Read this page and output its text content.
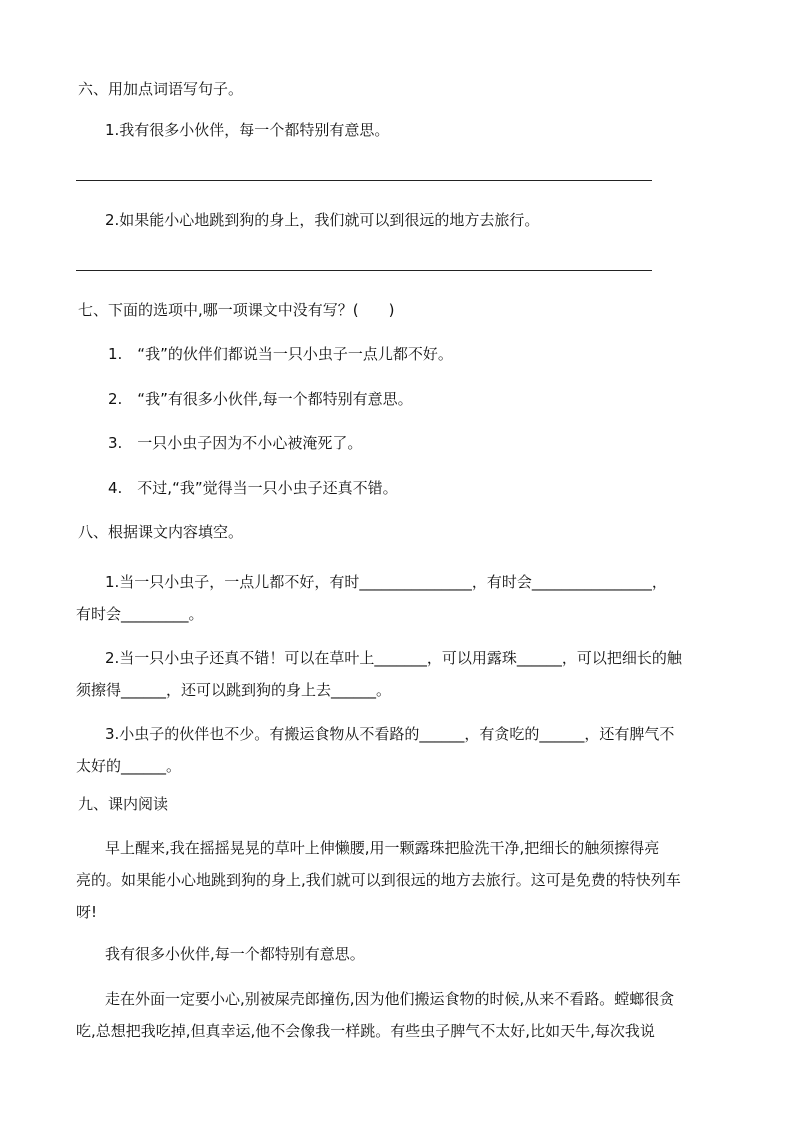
六、用加点词语写句子。
1.我有很多小伙伴，每一个都特别有意思。
2.如果能小心地跳到狗的身上，我们就可以到很远的地方去旅行。
七、下面的选项中,哪一项课文中没有写？(　　)
1.　“我”的伙伴们都说当一只小虫子一点儿都不好。
2.　“我”有很多小伙伴,每一个都特别有意思。
3.　一只小虫子因为不小心被淹死了。
4.　不过,“我”觉得当一只小虫子还真不错。
八、根据课文内容填空。
1.当一只小虫子，一点儿都不好，有时_______________，有时会________________，
有时会_________。
2.当一只小虫子还真不错！可以在草叶上_______，可以用露珠______，可以把细长的触
须擦得______，还可以跳到狗的身上去______。
3.小虫子的伙伴也不少。有搬运食物从不看路的______，有贪吃的______，还有脾气不
太好的______。
九、课内阅读
早上醒来,我在摇摇晃晃的草叶上伸懒腰,用一颗露珠把脸洗干净,把细长的触须擦得亮
亮的。如果能小心地跳到狗的身上,我们就可以到很远的地方去旅行。这可是免费的特快列车
呀!
我有很多小伙伴,每一个都特别有意思。
走在外面一定要小心,别被屎壳郎撞伤,因为他们搬运食物的时候,从来不看路。螳螂很贪
吃,总想把我吃掉,但真幸运,他不会像我一样跳。有些虫子脾气不太好,比如天牛,每次我说
